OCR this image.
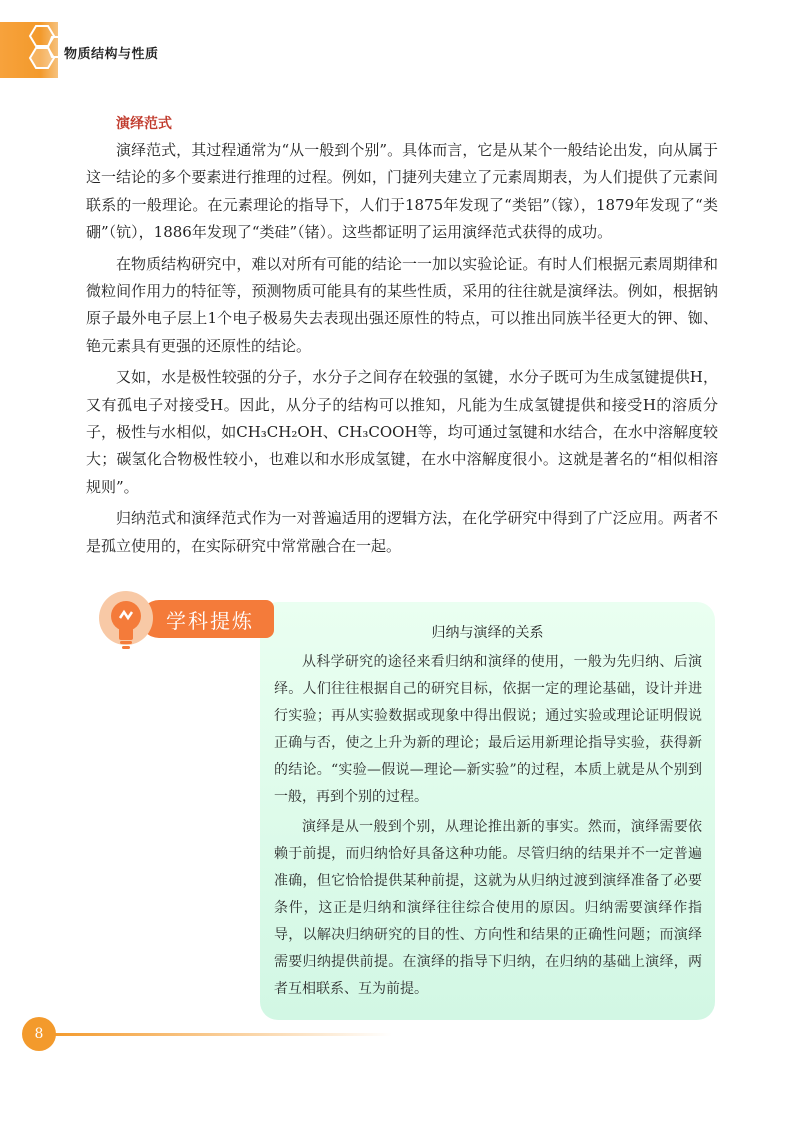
物质结构与性质
演绎范式

演绎范式，其过程通常为“从一般到个别”。具体而言，它是从某个一般结论出发，向从属于这一结论的多个要素进行推理的过程。例如，门捷列夫建立了元素周期表，为人们提供了元素间联系的一般理论。在元素理论的指导下，人们于1875年发现了“类铝”（镓），1879年发现了“类硼”（钪），1886年发现了“类硅”（锗）。这些都证明了运用演绎范式获得的成功。

在物质结构研究中，难以对所有可能的结论一一加以实验论证。有时人们根据元素周期律和微粒间作用力的特征等，预测物质可能具有的某些性质，采用的往往就是演绎法。例如，根据钠原子最外电子层上1个电子极易失去表现出强还原性的特点，可以推出同族半径更大的钾、铷、铯元素具有更强的还原性的结论。

又如，水是极性较强的分子，水分子之间存在较强的氢键，水分子既可为生成氢键提供H，又有孤电子对接受H。因此，从分子的结构可以推知，凡能为生成氢键提供和接受H的溶质分子，极性与水相似，如CH₃CH₂OH、CH₃COOH等，均可通过氢键和水结合，在水中溶解度较大；碳氢化合物极性较小，也难以和水形成氢键，在水中溶解度很小。这就是著名的“相似相溶规则”。

归纳范式和演绎范式作为一对普遍适用的逻辑方法，在化学研究中得到了广泛应用。两者不是孤立使用的，在实际研究中常常融合在一起。

学科提炼	归纳与演绎的关系

从科学研究的途径来看归纳和演绎的使用，一般为先归纳、后演绎。人们往往根据自己的研究目标，依据一定的理论基础，设计并进行实验；再从实验数据或现象中得出假说；通过实验或理论证明假说正确与否，使之上升为新的理论；最后运用新理论指导实验，获得新的结论。“实验—假说—理论—新实验”的过程，本质上就是从个别到一般，再到个别的过程。

演绎是从一般到个别，从理论推出新的事实。然而，演绎需要依赖于前提，而归纳恰好具备这种功能。尽管归纳的结果并不一定普遍准确，但它恰恰提供某种前提，这就为从归纳过渡到演绎准备了必要条件，这正是归纳和演绎往往综合使用的原因。归纳需要演绎作指导，以解决归纳研究的目的性、方向性和结果的正确性问题；而演绎需要归纳提供前提。在演绎的指导下归纳，在归纳的基础上演绎，两者互相联系、互为前提。

8
